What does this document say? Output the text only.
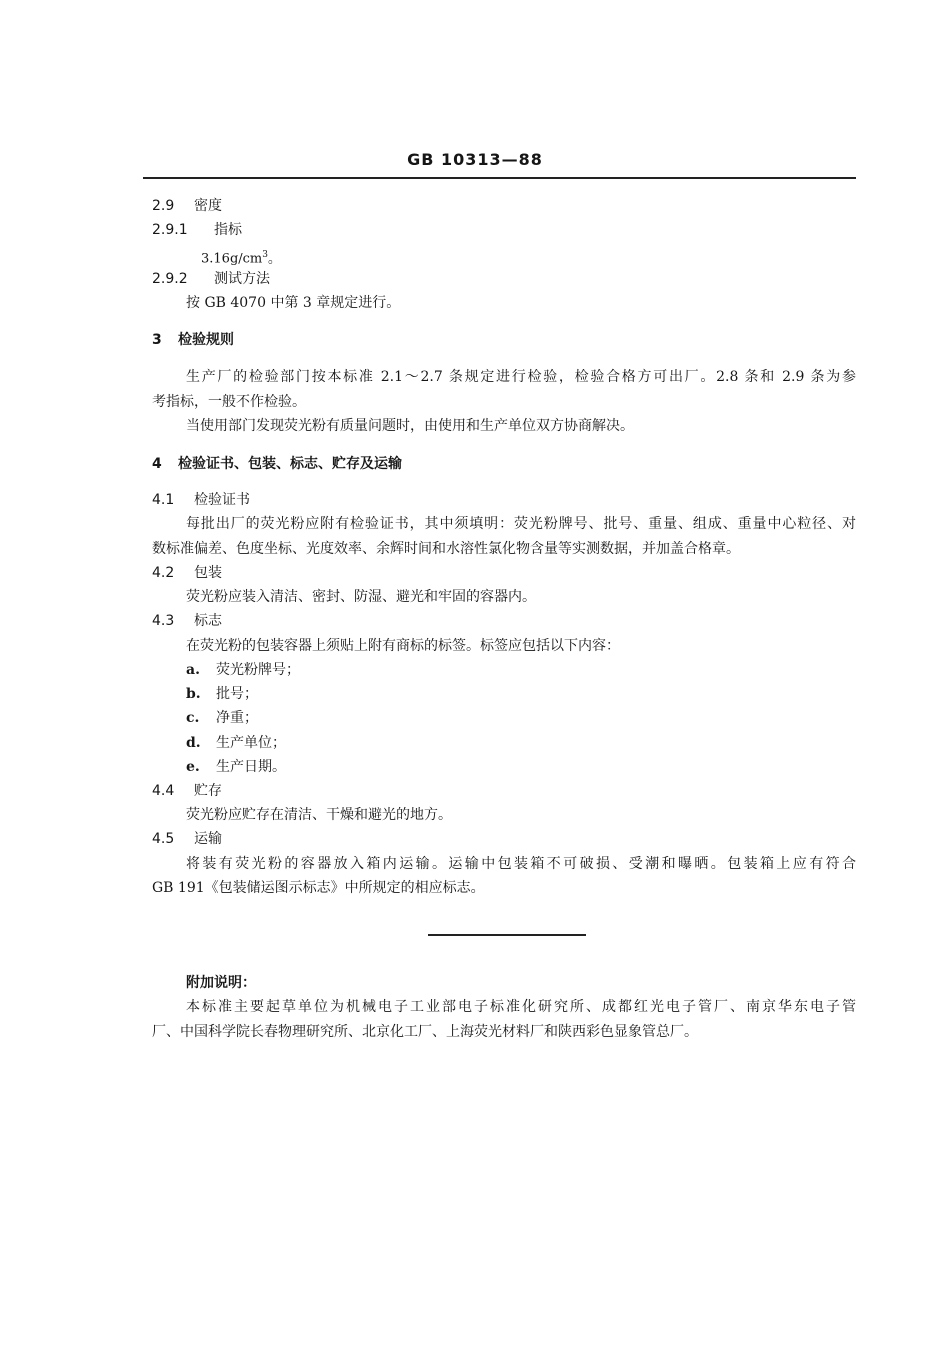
GB 10313—88
2.9 密度
2.9.1 指标
$3.16g/cm^3$。
2.9.2 测试方法
按 GB 4070 中第 3 章规定进行。
3 检验规则
生产厂的检验部门按本标准 2.1～2.7 条规定进行检验，检验合格方可出厂。2.8 条和 2.9 条为参
考指标，一般不作检验。
当使用部门发现荧光粉有质量问题时，由使用和生产单位双方协商解决。
4 检验证书、包装、标志、贮存及运输
4.1 检验证书
每批出厂的荧光粉应附有检验证书，其中须填明：荧光粉牌号、批号、重量、组成、重量中心粒径、对
数标准偏差、色度坐标、光度效率、余辉时间和水溶性氯化物含量等实测数据，并加盖合格章。
4.2 包装
荧光粉应装入清洁、密封、防湿、避光和牢固的容器内。
4.3 标志
在荧光粉的包装容器上须贴上附有商标的标签。标签应包括以下内容：
a. 荧光粉牌号；
b. 批号；
c. 净重；
d. 生产单位；
e. 生产日期。
4.4 贮存
荧光粉应贮存在清洁、干燥和避光的地方。
4.5 运输
将装有荧光粉的容器放入箱内运输。运输中包装箱不可破损、受潮和曝晒。包装箱上应有符合
GB 191《包装储运图示标志》中所规定的相应标志。
附加说明：
本标准主要起草单位为机械电子工业部电子标准化研究所、成都红光电子管厂、南京华东电子管
厂、中国科学院长春物理研究所、北京化工厂、上海荧光材料厂和陕西彩色显象管总厂。
